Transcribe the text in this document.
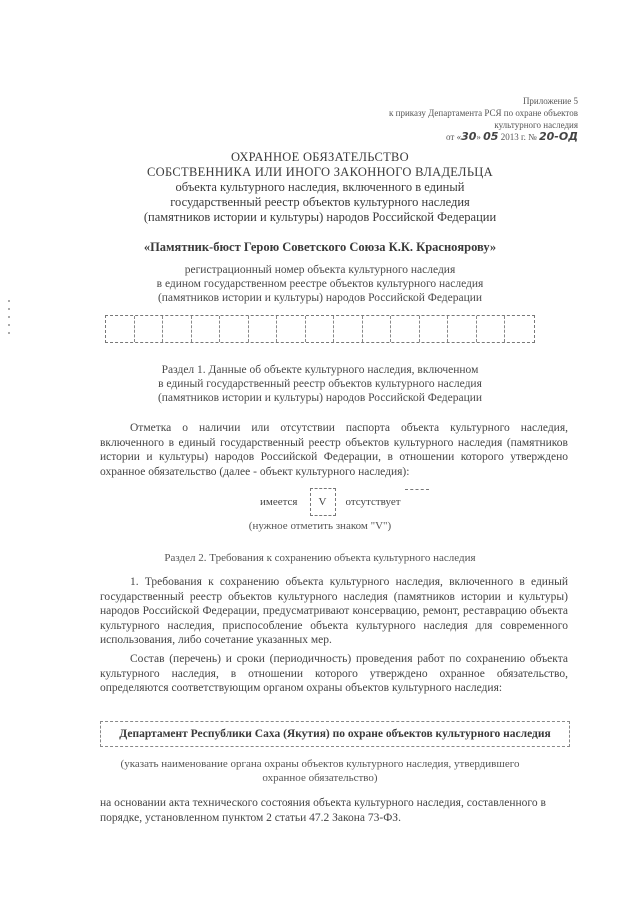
Приложение 5
к приказу Департамента РСЯ по охране объектов
культурного наследия
от «30» 05 2013 г. № 20-ОД
ОХРАННОЕ ОБЯЗАТЕЛЬСТВО
СОБСТВЕННИКА ИЛИ ИНОГО ЗАКОННОГО ВЛАДЕЛЬЦА
объекта культурного наследия, включенного в единый
государственный реестр объектов культурного наследия
(памятников истории и культуры) народов Российской Федерации
«Памятник-бюст Герою Советского Союза К.К. Краснoярову»
регистрационный номер объекта культурного наследия
в едином государственном реестре объектов культурного наследия
(памятников истории и культуры) народов Российской Федерации
Раздел 1. Данные об объекте культурного наследия, включенном
в единый государственный реестр объектов культурного наследия
(памятников истории и культуры) народов Российской Федерации
Отметка о наличии или отсутствии паспорта объекта культурного наследия, включенного в единый государственный реестр объектов культурного наследия (памятников истории и культуры) народов Российской Федерации, в отношении которого утверждено охранное обязательство (далее - объект культурного наследия):
имеется	V	отсутствует
(нужное отметить знаком "V")
Раздел 2. Требования к сохранению объекта культурного наследия
1. Требования к сохранению объекта культурного наследия, включенного в единый государственный реестр объектов культурного наследия (памятников истории и культуры) народов Российской Федерации, предусматривают консервацию, ремонт, реставрацию объекта культурного наследия, приспособление объекта культурного наследия для современного использования, либо сочетание указанных мер.
Состав (перечень) и сроки (периодичность) проведения работ по сохранению объекта культурного наследия, в отношении которого утверждено охранное обязательство, определяются соответствующим органом охраны объектов культурного наследия:
Департамент Республики Саха (Якутия) по охране объектов культурного наследия
(указать наименование органа охраны объектов культурного наследия, утвердившего
охранное обязательство)
на основании акта технического состояния объекта культурного наследия, составленного в порядке, установленном пунктом 2 статьи 47.2 Закона 73-ФЗ.
